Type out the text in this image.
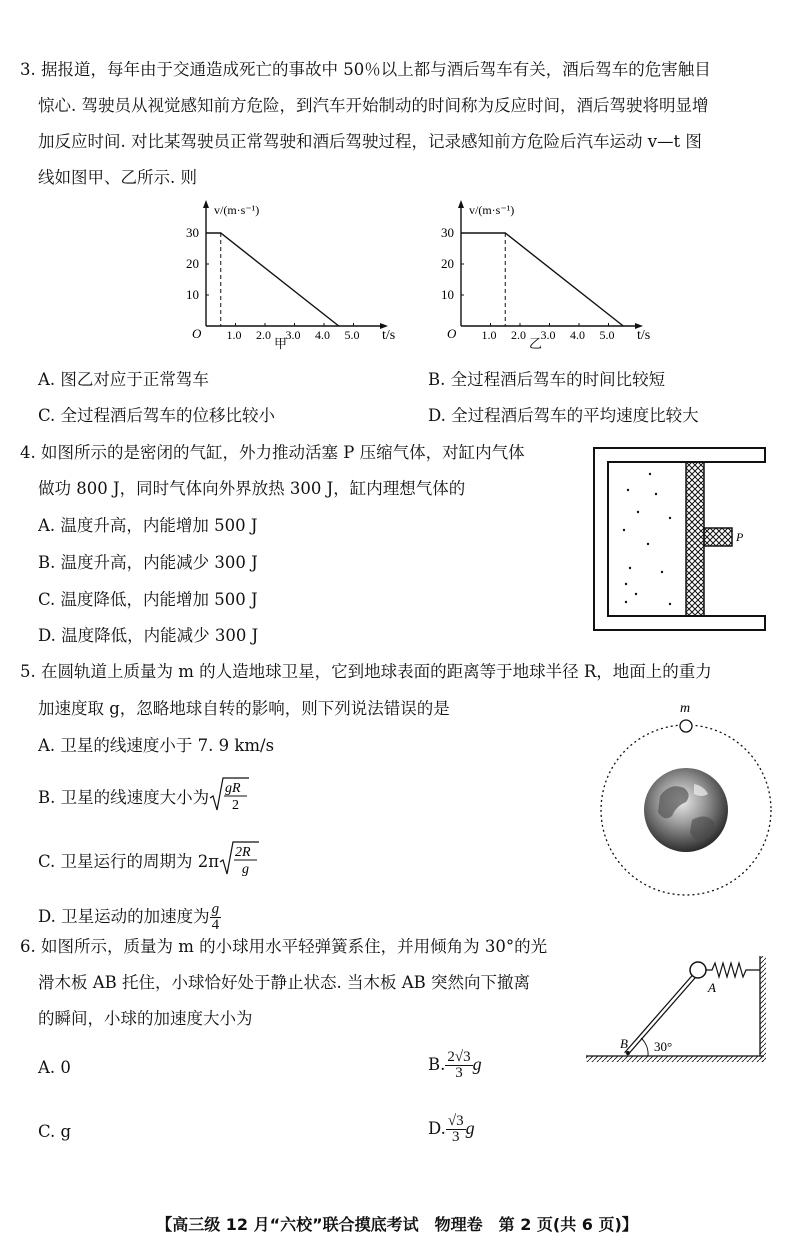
3. 据报道，每年由于交通造成死亡的事故中 50％以上都与酒后驾车有关，酒后驾车的危害触目
惊心. 驾驶员从视觉感知前方危险，到汽车开始制动的时间称为反应时间，酒后驾驶将明显增
加反应时间. 对比某驾驶员正常驾驶和酒后驾驶过程，记录感知前方危险后汽车运动 v—t 图
线如图甲、乙所示. 则
v/(m·s⁻¹)
t/s
O 1.0 2.0 3.0 4.0 5.0
10
20
30
甲
v/(m·s⁻¹)
t/s
O 1.0 2.0 3.0 4.0 5.0
10
20
30
乙
A. 图乙对应于正常驾车	B. 全过程酒后驾车的时间比较短
C. 全过程酒后驾车的位移比较小	D. 全过程酒后驾车的平均速度比较大
4. 如图所示的是密闭的气缸，外力推动活塞 P 压缩气体，对缸内气体
做功 800 J，同时气体向外界放热 300 J，缸内理想气体的
A. 温度升高，内能增加 500 J
B. 温度升高，内能减少 300 J
C. 温度降低，内能增加 500 J
D. 温度降低，内能减少 300 J
P
5. 在圆轨道上质量为 m 的人造地球卫星，它到地球表面的距离等于地球半径 R，地面上的重力
加速度取 g，忽略地球自转的影响，则下列说法错误的是
A. 卫星的线速度小于 7. 9 km/s
B. 卫星的线速度大小为 gR
2
C. 卫星运行的周期为 2π 2R
g
D. 卫星运动的加速度为 $\frac{g}{4}$
m
6. 如图所示，质量为 m 的小球用水平轻弹簧系住，并用倾角为 30°的光
滑木板 AB 托住，小球恰好处于静止状态. 当木板 AB 突然向下撤离
的瞬间，小球的加速度大小为
A. 0	B. $\frac{2√3}{3}$ g
C. g	D. $\frac{√3}{3}$ g
A
B 30°
【高三级 12 月“六校”联合摸底考试　物理卷　第 2 页(共 6 页)】
